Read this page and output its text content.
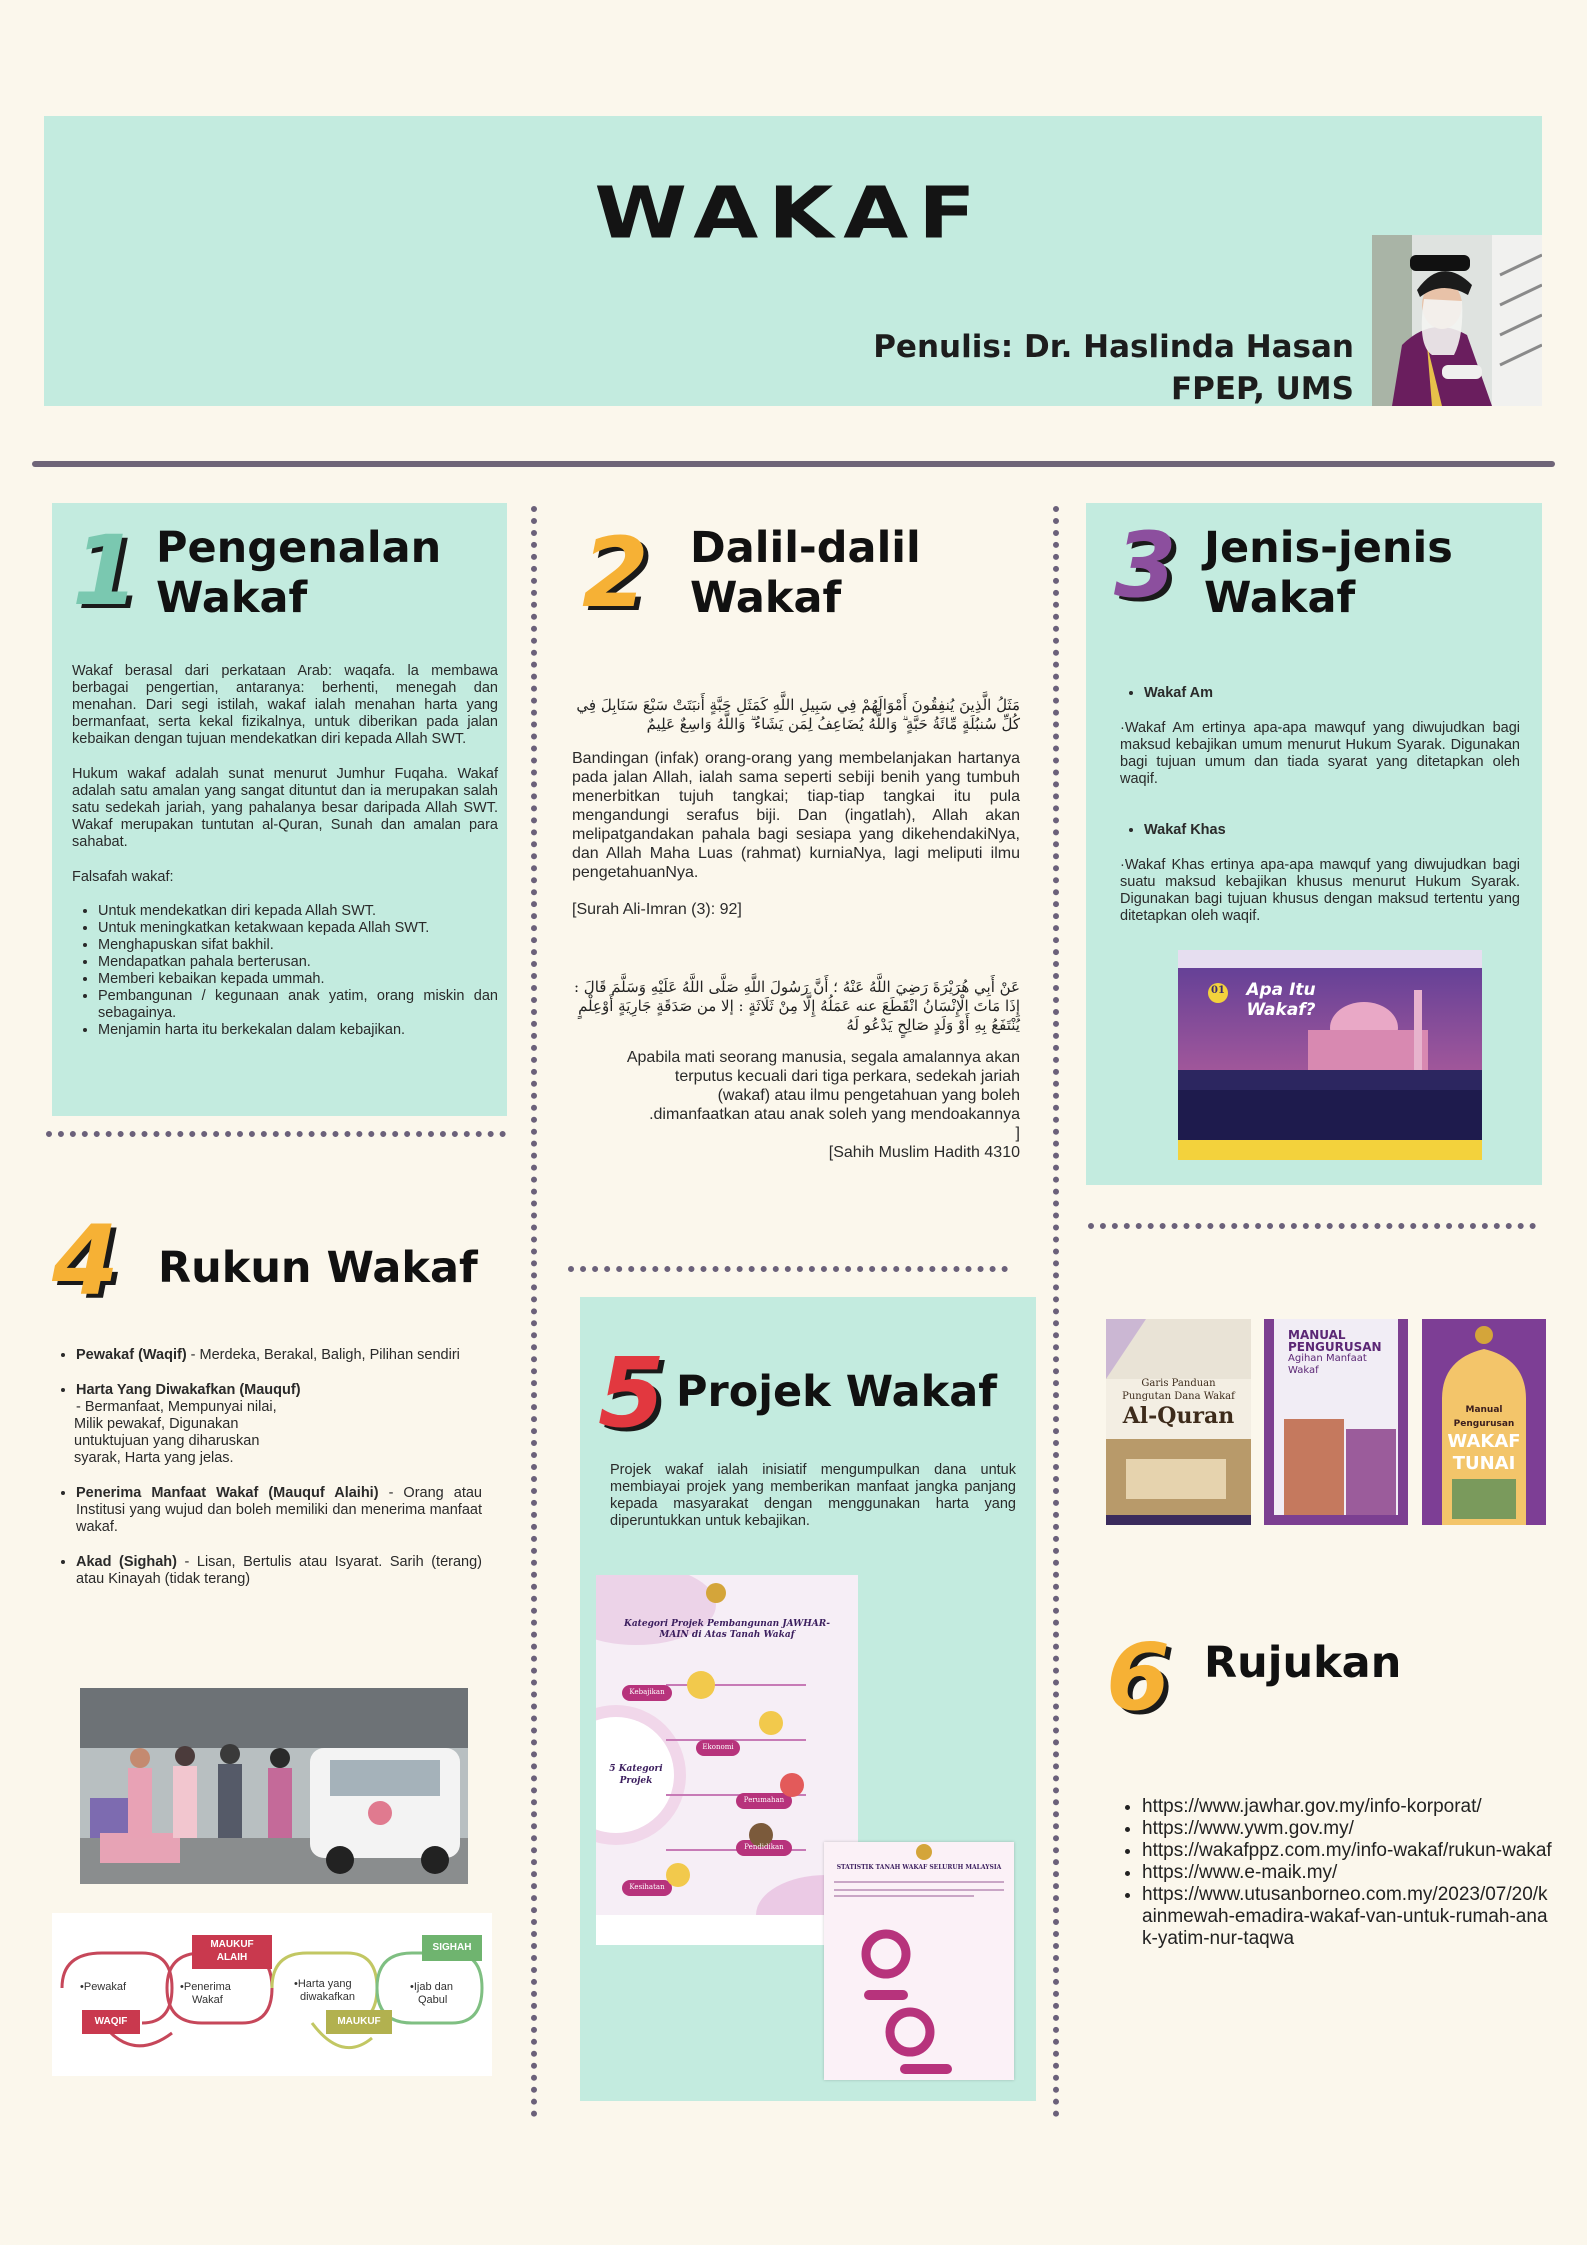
WAKAF
Penulis: Dr. Haslinda Hasan
FPEP, UMS
1 Pengenalan
Wakaf

Wakaf berasal dari perkataan Arab: waqafa. la membawa berbagai pengertian, antaranya: berhenti, menegah dan menahan. Dari segi istilah, wakaf ialah menahan harta yang bermanfaat, serta kekal fizikalnya, untuk diberikan pada jalan kebaikan dengan tujuan mendekatkan diri kepada Allah SWT.

Hukum wakaf adalah sunat menurut Jumhur Fuqaha. Wakaf adalah satu amalan yang sangat dituntut dan ia merupakan salah satu sedekah jariah, yang pahalanya besar daripada Allah SWT. Wakaf merupakan tuntutan al-Quran, Sunah dan amalan para sahabat.

Falsafah wakaf:

• Untuk mendekatkan diri kepada Allah SWT.
• Untuk meningkatkan ketakwaan kepada Allah SWT.
• Menghapuskan sifat bakhil.
• Mendapatkan pahala berterusan.
• Memberi kebaikan kepada ummah.
• Pembangunan / kegunaan anak yatim, orang miskin dan sebagainya.
• Menjamin harta itu berkekalan dalam kebajikan.
2 Dalil-dalil
Wakaf
مَثَلُ الَّذِينَ يُنفِقُونَ أَمْوَالَهُمْ فِي سَبِيلِ اللَّهِ كَمَثَلِ حَبَّةٍ أَنبَتَتْ سَبْعَ سَنَابِلَ فِي كُلِّ سُنبُلَةٍ مِّائَةُ حَبَّةٍ ۗ وَاللَّهُ يُضَاعِفُ لِمَن يَشَاءُ ۗ وَاللَّهُ وَاسِعٌ عَلِيمٌ
Bandingan (infak) orang-orang yang membelanjakan hartanya pada jalan Allah, ialah sama seperti sebiji benih yang tumbuh menerbitkan tujuh tangkai; tiap-tiap tangkai itu pula mengandungi serafus biji. Dan (ingatlah), Allah akan melipatgandakan pahala bagi sesiapa yang dikehendakiNya, dan Allah Maha Luas (rahmat) kurniaNya, lagi meliputi ilmu pengetahuanNya.
[Surah Ali-Imran (3): 92]
عَنْ أَبِي هُرَيْرَةَ رَضِيَ اللَّهُ عَنْهُ ؛ أَنَّ رَسُولَ اللَّهِ صَلَّى اللَّهُ عَلَيْهِ وَسَلَّمَ قَالَ : إِذَا مَاتَ الْإِنْسَانُ انْقَطَعَ عنه عَمَلُهُ إِلَّا مِنْ ثَلَاثَةٍ : إلا من صَدَقَةٍ جَارِيَةٍ أَوْعِلْمٍ يُنْتَفَعُ بِهِ أَوْ وَلَدٍ صَالِحٍ يَدْعُو لَهُ
Apabila mati seorang manusia, segala amalannya akan
terputus kecuali dari tiga perkara, sedekah jariah
(wakaf) atau ilmu pengetahuan yang boleh
.dimanfaatkan atau anak soleh yang mendoakannya
]
[Sahih Muslim Hadith 4310
3 Jenis-jenis
Wakaf
• Wakaf Am

·Wakaf Am ertinya apa-apa mawquf yang diwujudkan bagi maksud kebajikan umum menurut Hukum Syarak. Digunakan bagi tujuan umum dan tiada syarat yang ditetapkan oleh waqif.

• Wakaf Khas

·Wakaf Khas ertinya apa-apa mawquf yang diwujudkan bagi suatu maksud kebajikan khusus menurut Hukum Syarak. Digunakan bagi tujuan khusus dengan maksud tertentu yang ditetapkan oleh waqif.

01	Apa Itu
Wakaf?
4 Rukun Wakaf
• Pewakaf (Waqif) - Merdeka, Berakal, Baligh, Pilihan sendiri
• Harta Yang Diwakafkan (Mauquf)
- Bermanfaat, Mempunyai nilai,
Milik pewakaf, Digunakan
untuktujuan yang diharuskan
syarak, Harta yang jelas.
• Penerima Manfaat Wakaf (Mauquf Alaihi) - Orang atau Institusi yang wujud dan boleh memiliki dan menerima manfaat wakaf.
• Akad (Sighah) - Lisan, Bertulis atau Isyarat. Sarih (terang) atau Kinayah (tidak terang)
WAQIF
•Pewakaf
MAUKUF
ALAIH
•Penerima
Wakaf
•Harta yang
diwakafkan
MAUKUF
SIGHAH
•Ijab dan
Qabul
5 Projek Wakaf
Projek wakaf ialah inisiatif mengumpulkan dana untuk membiayai projek yang memberikan manfaat jangka panjang kepada masyarakat dengan menggunakan harta yang diperuntukkan untuk kebajikan.
Kategori Projek Pembangunan JAWHAR-MAIN di Atas Tanah Wakaf
5 Kategori
Projek
Kebajikan
Ekonomi
Perumahan
Pendidikan
Kesihatan
STATISTIK TANAH WAKAF SELURUH MALAYSIA
Garis Panduan
Pungutan Dana Wakaf
Al-Quran
MANUAL
PENGURUSAN
Agihan Manfaat
Wakaf
Manual Pengurusan
WAKAF
TUNAI
6 Rujukan
• https://www.jawhar.gov.my/info-korporat/
• https://www.ywm.gov.my/
• https://wakafppz.com.my/info-wakaf/rukun-wakaf
• https://www.e-maik.my/
• https://www.utusanborneo.com.my/2023/07/20/kainmewah-emadira-wakaf-van-untuk-rumah-anak-yatim-nur-taqwa
